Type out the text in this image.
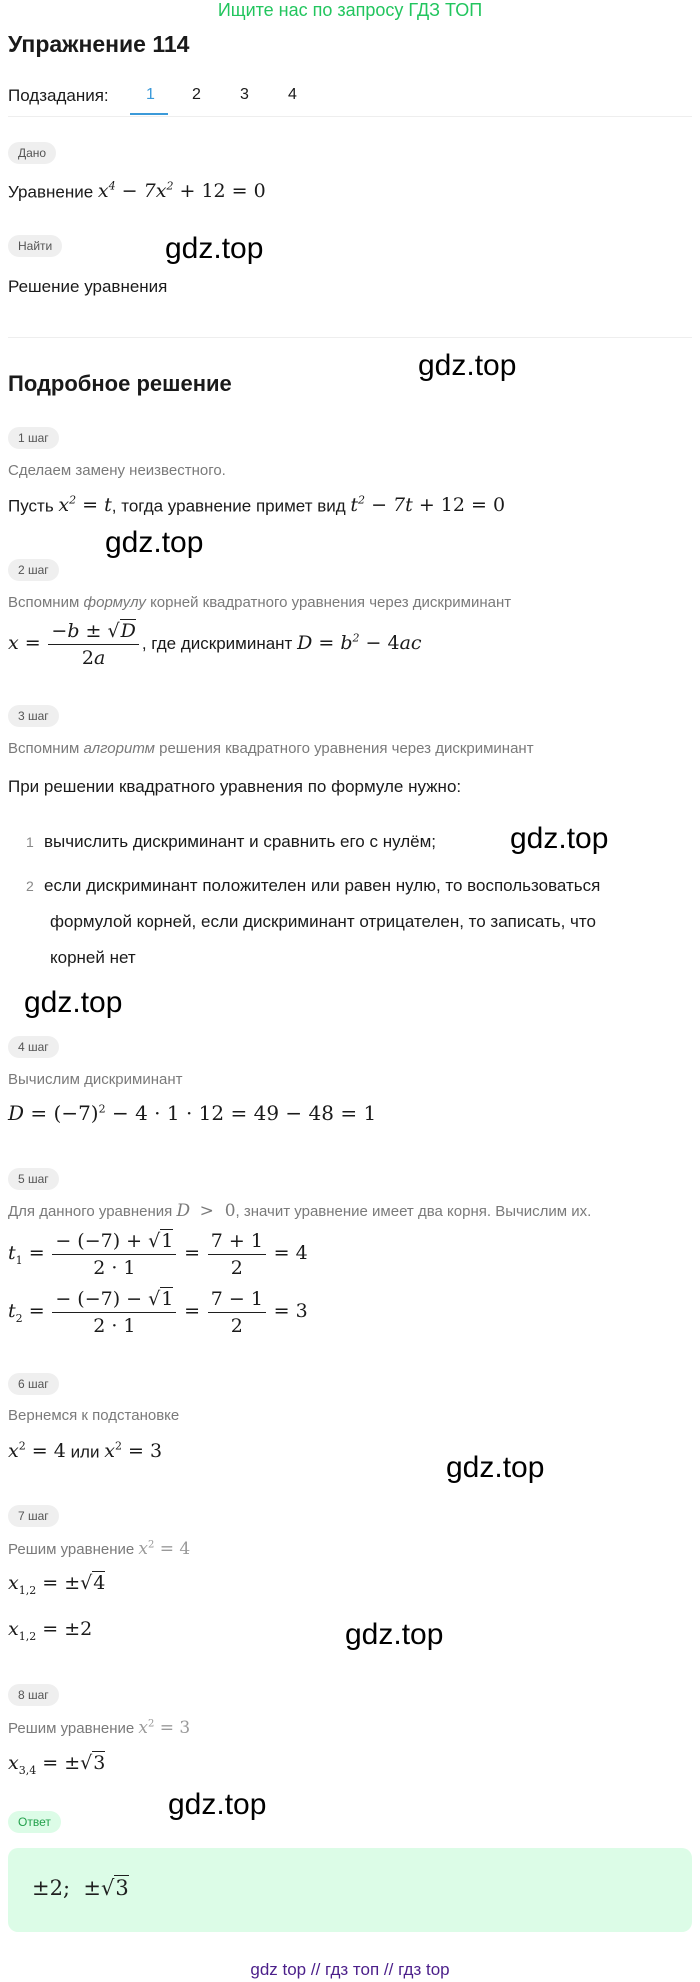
Ищите нас по запросу ГДЗ ТОП
Упражнение 114
Подзадания: 1 2 3 4
Дано
Уравнение $x^4 - 7x^2 + 12 = 0$
Найти
Решение уравнения
Подробное решение
1 шаг
Сделаем замену неизвестного.
Пусть $x^2 = t$, тогда уравнение примет вид $t^2 - 7t + 12 = 0$
2 шаг
Вспомним формулу корней квадратного уравнения через дискриминант
$x = \frac{-b \pm √D}{2a}$ , где дискриминант $D = b^2 - 4ac$
3 шаг
Вспомним алгоритм решения квадратного уравнения через дискриминант
При решении квадратного уравнения по формуле нужно:
1 вычислить дискриминант и сравнить его с нулём;
2 если дискриминант положителен или равен нулю, то воспользоваться
формулой корней, если дискриминант отрицателен, то записать, что
корней нет
4 шаг
Вычислим дискриминант
$D = (-7)^2 - 4 \cdot 1 \cdot 12 = 49 - 48 = 1$
5 шаг
Для данного уравнения D  >  0, значит уравнение имеет два корня. Вычислим их.
$t_1 = \frac{- (-7) + √1}{2 \cdot 1} = \frac{7 + 1}{2} = 4$
$t_2 = \frac{- (-7) - √1}{2 \cdot 1} = \frac{7 - 1}{2} = 3$
6 шаг
Вернемся к подстановке
$x^2 = 4$ или $x^2 = 3$
7 шаг
Решим уравнение $x^2 = 4$
$x_{1,2} = \pm√4$
$x_{1,2} = \pm 2$
8 шаг
Решим уравнение $x^2 = 3$
$x_{3,4} = \pm√3$
Ответ
±2;  ±√3
gdz.top
gdz.top
gdz.top
gdz.top
gdz.top
gdz.top
gdz.top
gdz.top
gdz top // гдз топ // гдз top
